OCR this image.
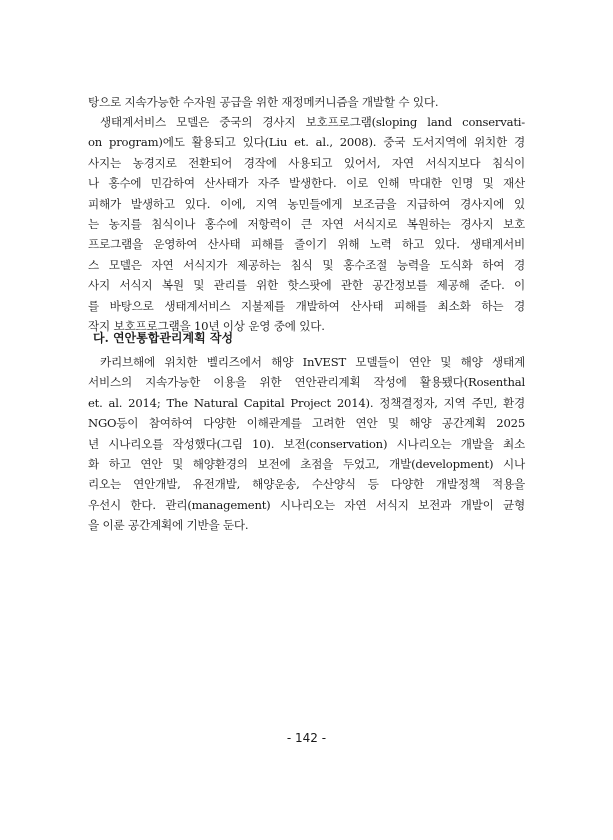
탕으로 지속가능한 수자원 공급을 위한 재정메커니즘을 개발할 수 있다.
생태계서비스 모델은 중국의 경사지 보호프로그램(sloping land conservati-
on program)에도 활용되고 있다(Liu et. al., 2008). 중국 도서지역에 위치한 경
사지는 농경지로 전환되어 경작에 사용되고 있어서, 자연 서식지보다 침식이
나 홍수에 민감하여 산사태가 자주 발생한다. 이로 인해 막대한 인명 및 재산
피해가 발생하고 있다. 이에, 지역 농민들에게 보조금을 지급하여 경사지에 있
는 농지를 침식이나 홍수에 저항력이 큰 자연 서식지로 복원하는 경사지 보호
프로그램을 운영하여 산사태 피해를 줄이기 위해 노력 하고 있다. 생태계서비
스 모델은 자연 서식지가 제공하는 침식 및 홍수조절 능력을 도식화 하여 경
사지 서식지 복원 및 관리를 위한 핫스팟에 관한 공간정보를 제공해 준다. 이
를 바탕으로 생태계서비스 지불제를 개발하여 산사태 피해를 최소화 하는 경
작지 보호프로그램을 10년 이상 운영 중에 있다.
다. 연안통합관리계획 작성
카리브해에 위치한 벨리즈에서 해양 InVEST 모델들이 연안 및 해양 생태계
서비스의 지속가능한 이용을 위한 연안관리계획 작성에 활용됐다(Rosenthal
et. al. 2014; The Natural Capital Project 2014). 정책결정자, 지역 주민, 환경
NGO등이 참여하여 다양한 이해관계를 고려한 연안 및 해양 공간계획 2025
년 시나리오를 작성했다(그림 10). 보전(conservation) 시나리오는 개발을 최소
화 하고 연안 및 해양환경의 보전에 초점을 두었고, 개발(development) 시나
리오는 연안개발, 유전개발, 해양운송, 수산양식 등 다양한 개발정책 적용을
우선시 한다. 관리(management) 시나리오는 자연 서식지 보전과 개발이 균형
을 이룬 공간계획에 기반을 둔다.
- 142 -
